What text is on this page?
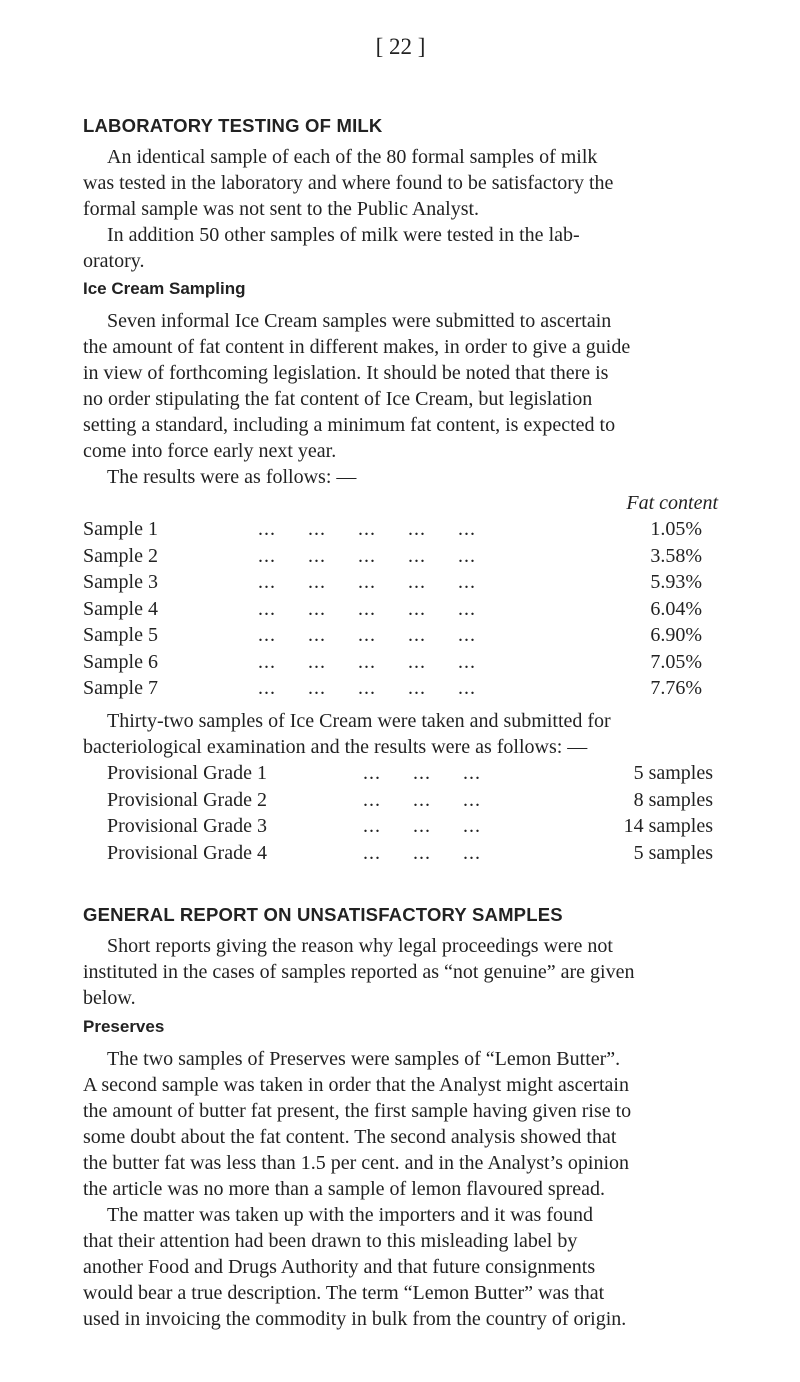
[ 22 ]
LABORATORY TESTING OF MILK
An identical sample of each of the 80 formal samples of milk
was tested in the laboratory and where found to be satisfactory the
formal sample was not sent to the Public Analyst.
In addition 50 other samples of milk were tested in the lab-
oratory.
Ice Cream Sampling
Seven informal Ice Cream samples were submitted to ascertain
the amount of fat content in different makes, in order to give a guide
in view of forthcoming legislation. It should be noted that there is
no order stipulating the fat content of Ice Cream, but legislation
setting a standard, including a minimum fat content, is expected to
come into force early next year.
The results were as follows: —
Fat content
Sample 1	... ... ... ... ...	1.05%
Sample 2	... ... ... ... ...	3.58%
Sample 3	... ... ... ... ...	5.93%
Sample 4	... ... ... ... ...	6.04%
Sample 5	... ... ... ... ...	6.90%
Sample 6	... ... ... ... ...	7.05%
Sample 7	... ... ... ... ...	7.76%
Thirty-two samples of Ice Cream were taken and submitted for
bacteriological examination and the results were as follows: —
Provisional Grade 1	... ... ...	5 samples
Provisional Grade 2	... ... ...	8 samples
Provisional Grade 3	... ... ...	14 samples
Provisional Grade 4	... ... ...	5 samples
GENERAL REPORT ON UNSATISFACTORY SAMPLES
Short reports giving the reason why legal proceedings were not
instituted in the cases of samples reported as “not genuine” are given
below.
Preserves
The two samples of Preserves were samples of “Lemon Butter”.
A second sample was taken in order that the Analyst might ascertain
the amount of butter fat present, the first sample having given rise to
some doubt about the fat content. The second analysis showed that
the butter fat was less than 1.5 per cent. and in the Analyst’s opinion
the article was no more than a sample of lemon flavoured spread.
The matter was taken up with the importers and it was found
that their attention had been drawn to this misleading label by
another Food and Drugs Authority and that future consignments
would bear a true description. The term “Lemon Butter” was that
used in invoicing the commodity in bulk from the country of origin.
